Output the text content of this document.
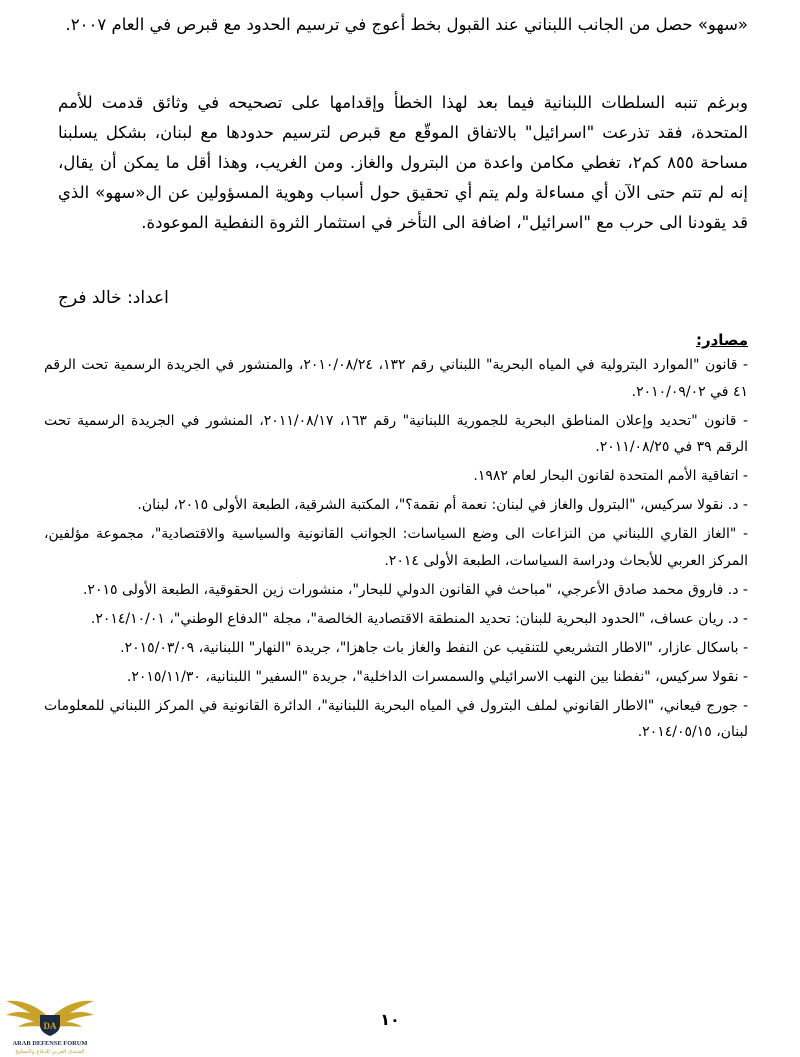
«سهو» حصل من الجانب اللبناني عند القبول بخط أعوج في ترسيم الحدود مع قبرص في العام ٢٠٠٧.

وبرغم تنبه السلطات اللبنانية فيما بعد لهذا الخطأ وإقدامها على تصحيحه في وثائق قدمت للأمم المتحدة، فقد تذرعت "اسرائيل" بالاتفاق الموقّع مع قبرص لترسيم حدودها مع لبنان، بشكل يسلبنا مساحة ٨٥٥ كم٢، تغطي مكامن واعدة من البترول والغاز. ومن الغريب، وهذا أقل ما يمكن أن يقال، إنه لم تتم حتى الآن أي مساءلة ولم يتم أي تحقيق حول أسباب وهوية المسؤولين عن ال«سهو» الذي قد يقودنا الى حرب مع "اسرائيل"، اضافة الى التأخر في استثمار الثروة النفطية الموعودة.

اعداد: خالد فرج

مصادر:

- قانون "الموارد البترولية في المياه البحرية" اللبناني رقم ١٣٢، ٢٠١٠/٠٨/٢٤، والمنشور في الجريدة الرسمية تحت الرقم ٤١ في ٢٠١٠/٠٩/٠٢.
- قانون "تحديد وإعلان المناطق البحرية للجمورية اللبنانية" رقم ١٦٣، ٢٠١١/٠٨/١٧، المنشور في الجريدة الرسمية تحت الرقم ٣٩ في ٢٠١١/٠٨/٢٥.
- اتفاقية الأمم المتحدة لقانون البحار لعام ١٩٨٢.
- د. نقولا سركيس، "البترول والغاز في لبنان: نعمة أم نقمة؟"، المكتبة الشرقية، الطبعة الأولى ٢٠١٥، لبنان.
- "الغاز القاري اللبناني من النزاعات الى وضع السياسات: الجوانب القانونية والسياسية والاقتصادية"، مجموعة مؤلفين، المركز العربي للأبحاث ودراسة السياسات، الطبعة الأولى ٢٠١٤.
- د. فاروق محمد صادق الأعرجي، "مباحث في القانون الدولي للبحار"، منشورات زين الحقوقية، الطبعة الأولى ٢٠١٥.
- د. ريان عساف، "الحدود البحرية للبنان: تحديد المنطقة الاقتصادية الخالصة"، مجلة "الدفاع الوطني"، ٢٠١٤/١٠/٠١.
- باسكال عازار، "الاطار التشريعي للتنقيب عن النفط والغاز بات جاهزا"، جريدة "النهار" اللبنانية، ٢٠١٥/٠٣/٠٩.
- نقولا سركيس، "نفطنا بين النهب الاسرائيلي والسمسرات الداخلية"، جريدة "السفير" اللبنانية، ٢٠١٥/١١/٣٠.
- جورج فيعاني، "الاطار القانوني لملف البترول في المياه البحرية اللبنانية"، الدائرة القانونية في المركز اللبناني للمعلومات لبنان، ٢٠١٤/٠٥/١٥.

١٠

DA
ARAB DEFENSE FORUM
المنتدى العربي للدفاع والتسليح
